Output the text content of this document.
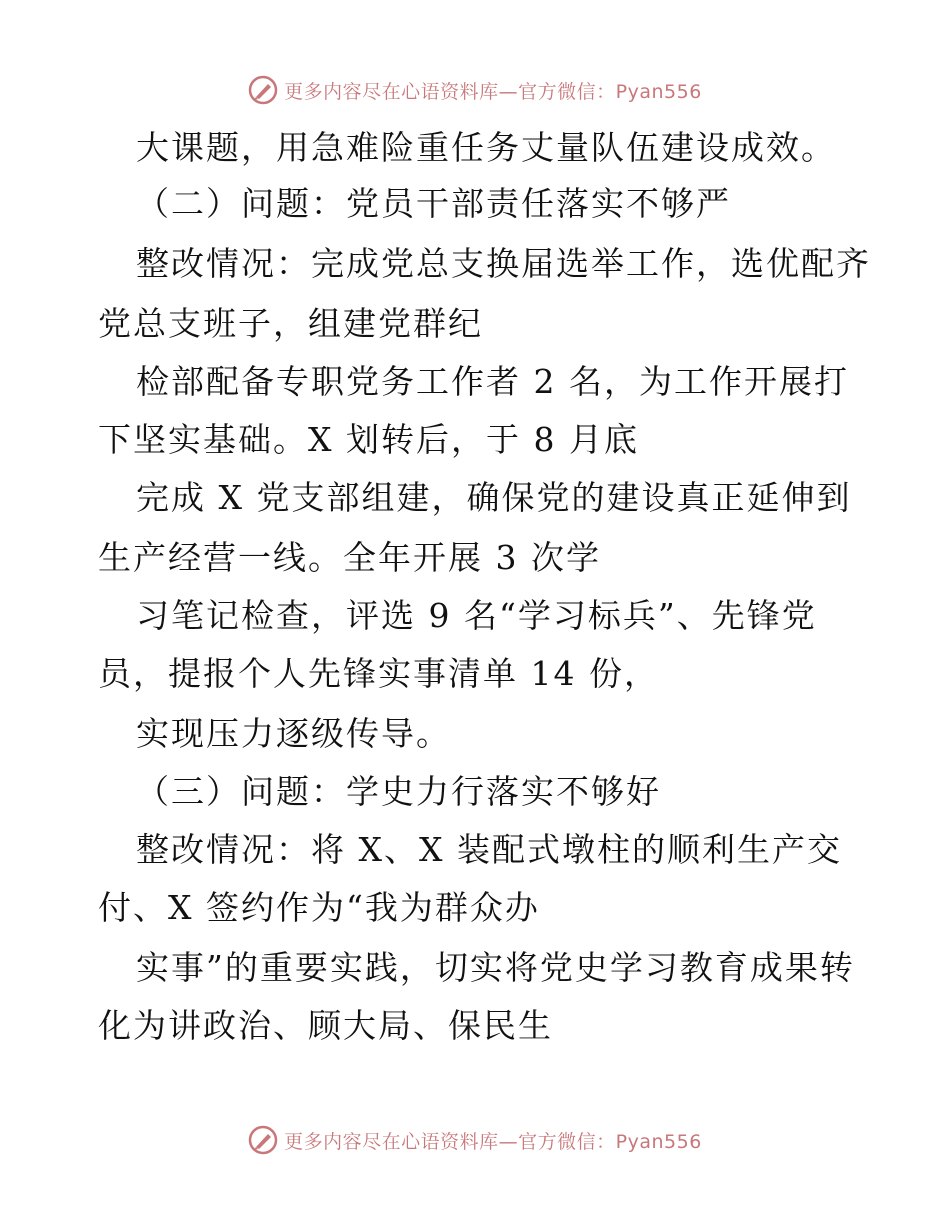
更多内容尽在心语资料库—官方微信：Pyan556
大课题，用急难险重任务丈量队伍建设成效。
（二）问题：党员干部责任落实不够严
整改情况：完成党总支换届选举工作，选优配齐
党总支班子，组建党群纪
检部配备专职党务工作者 2 名，为工作开展打
下坚实基础。X 划转后，于 8 月底
完成 X 党支部组建，确保党的建设真正延伸到
生产经营一线。全年开展 3 次学
习笔记检查，评选 9 名“学习标兵”、先锋党
员，提报个人先锋实事清单 14 份，
实现压力逐级传导。
（三）问题：学史力行落实不够好
整改情况：将 X、X 装配式墩柱的顺利生产交
付、X 签约作为“我为群众办
实事”的重要实践，切实将党史学习教育成果转
化为讲政治、顾大局、保民生
更多内容尽在心语资料库—官方微信：Pyan556
